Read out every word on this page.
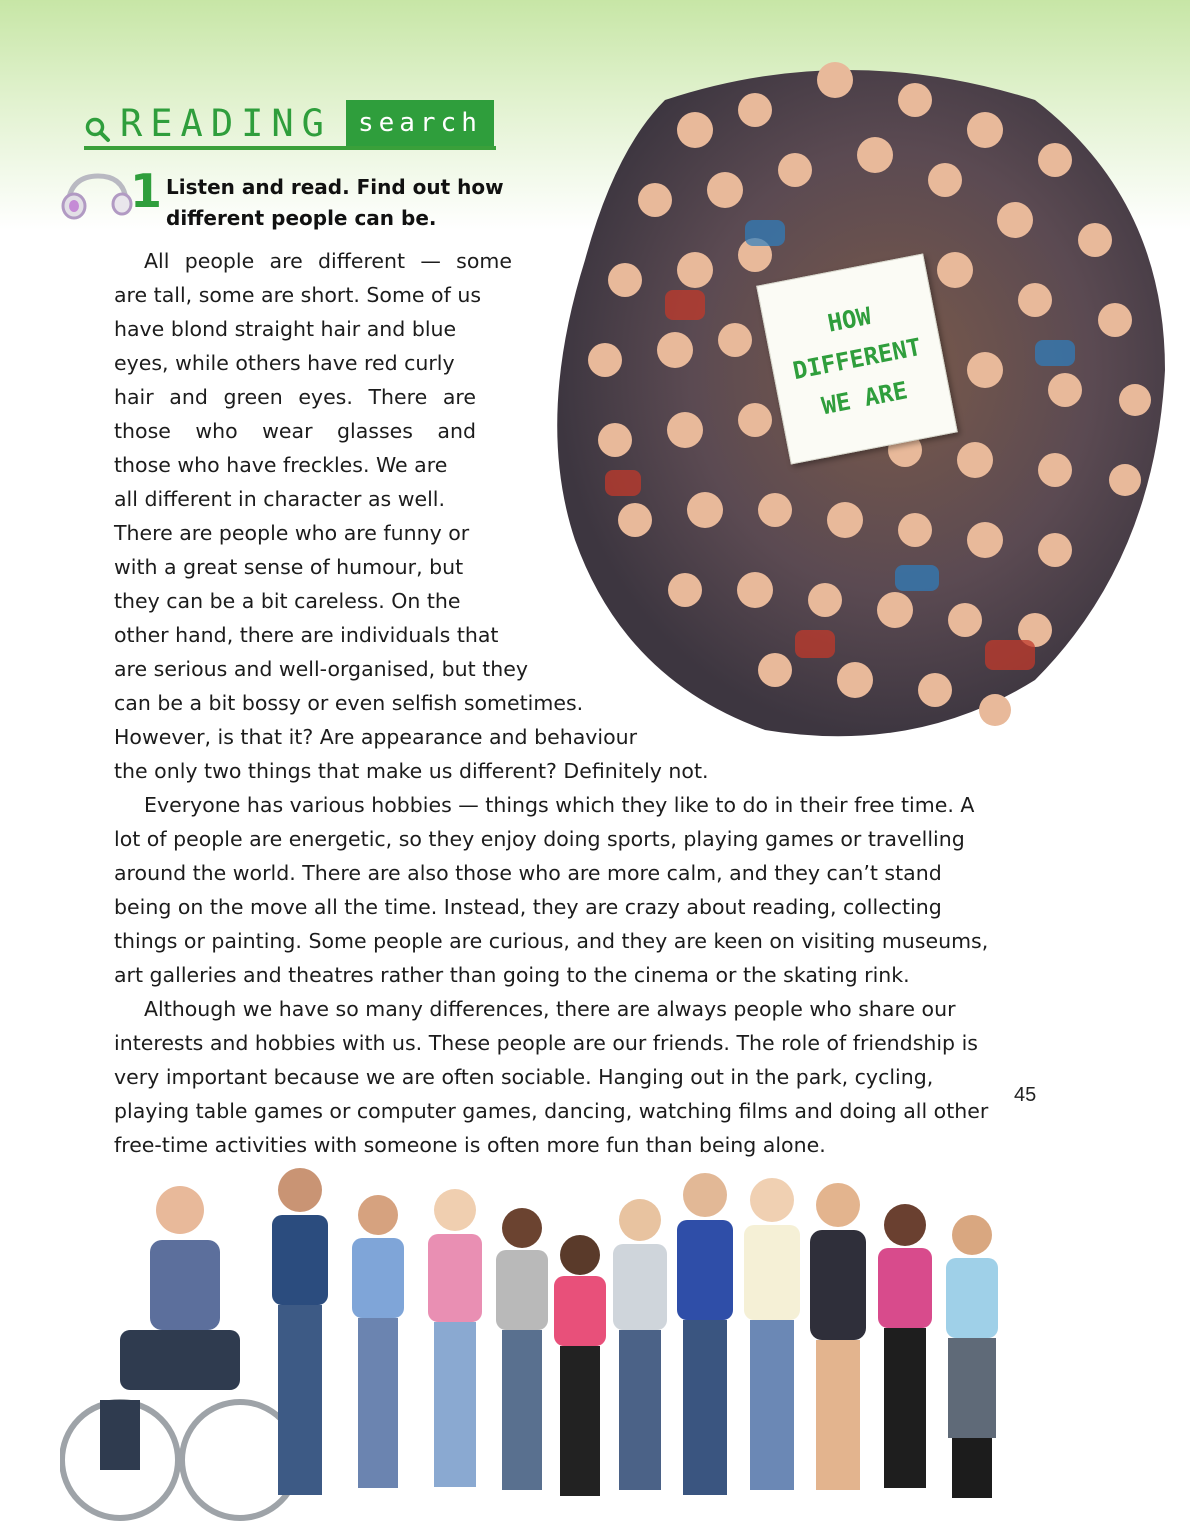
READING	search
1 Listen and read. Find out how
different people can be.
HOW
DIFFERENT
WE ARE
All people are different — some
are tall, some are short. Some of us
have blond straight hair and blue
eyes, while others have red curly
hair and green eyes. There are
those who wear glasses and
those who have freckles. We are
all different in character as well.
There are people who are funny or
with a great sense of humour, but
they can be a bit careless. On the
other hand, there are individuals that
are serious and well-organised, but they
can be a bit bossy or even selfish sometimes.
However, is that it? Are appearance and behaviour
the only two things that make us different? Definitely not.
Everyone has various hobbies — things which they like to do in their free time. A
lot of people are energetic, so they enjoy doing sports, playing games or travelling
around the world. There are also those who are more calm, and they can’t stand
being on the move all the time. Instead, they are crazy about reading, collecting
things or painting. Some people are curious, and they are keen on visiting museums,
art galleries and theatres rather than going to the cinema or the skating rink.
Although we have so many differences, there are always people who share our
interests and hobbies with us. These people are our friends. The role of friendship is
very important because we are often sociable. Hanging out in the park, cycling,
playing table games or computer games, dancing, watching films and doing all other
free-time activities with someone is often more fun than being alone.
45
